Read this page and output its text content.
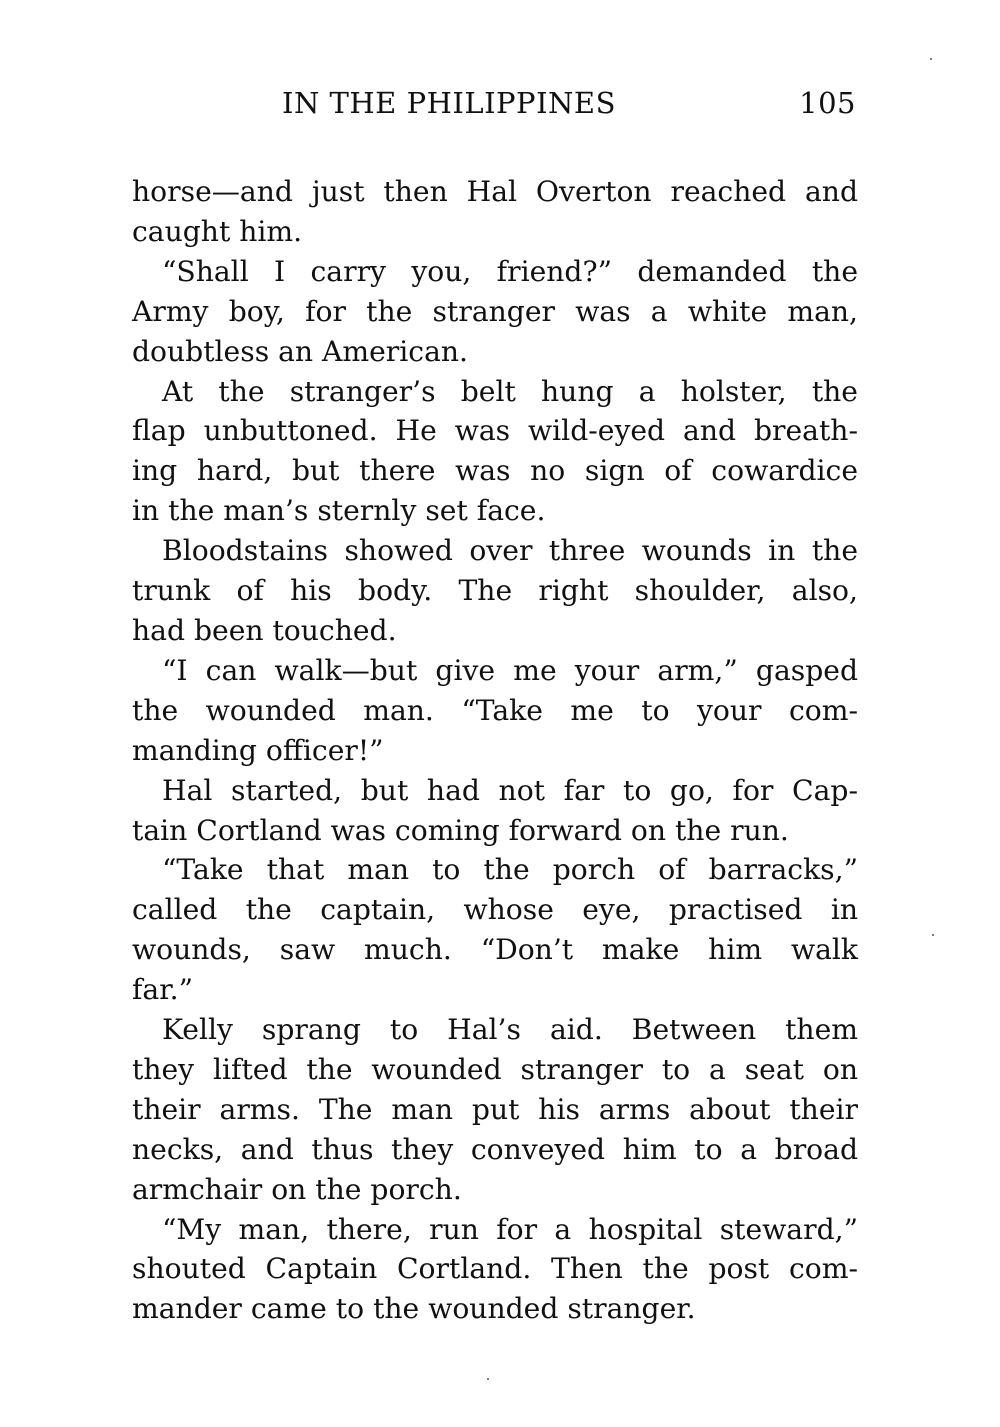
IN THE PHILIPPINES	105
horse—and just then Hal Overton reached and
caught him.
“Shall I carry you, friend?” demanded the
Army boy, for the stranger was a white man,
doubtless an American.
At the stranger’s belt hung a holster, the
flap unbuttoned. He was wild-eyed and breath-
ing hard, but there was no sign of cowardice
in the man’s sternly set face.
Bloodstains showed over three wounds in the
trunk of his body. The right shoulder, also,
had been touched.
“I can walk—but give me your arm,” gasped
the wounded man. “Take me to your com-
manding officer!”
Hal started, but had not far to go, for Cap-
tain Cortland was coming forward on the run.
“Take that man to the porch of barracks,”
called the captain, whose eye, practised in
wounds, saw much. “Don’t make him walk
far.”
Kelly sprang to Hal’s aid. Between them
they lifted the wounded stranger to a seat on
their arms. The man put his arms about their
necks, and thus they conveyed him to a broad
armchair on the porch.
“My man, there, run for a hospital steward,”
shouted Captain Cortland. Then the post com-
mander came to the wounded stranger.
